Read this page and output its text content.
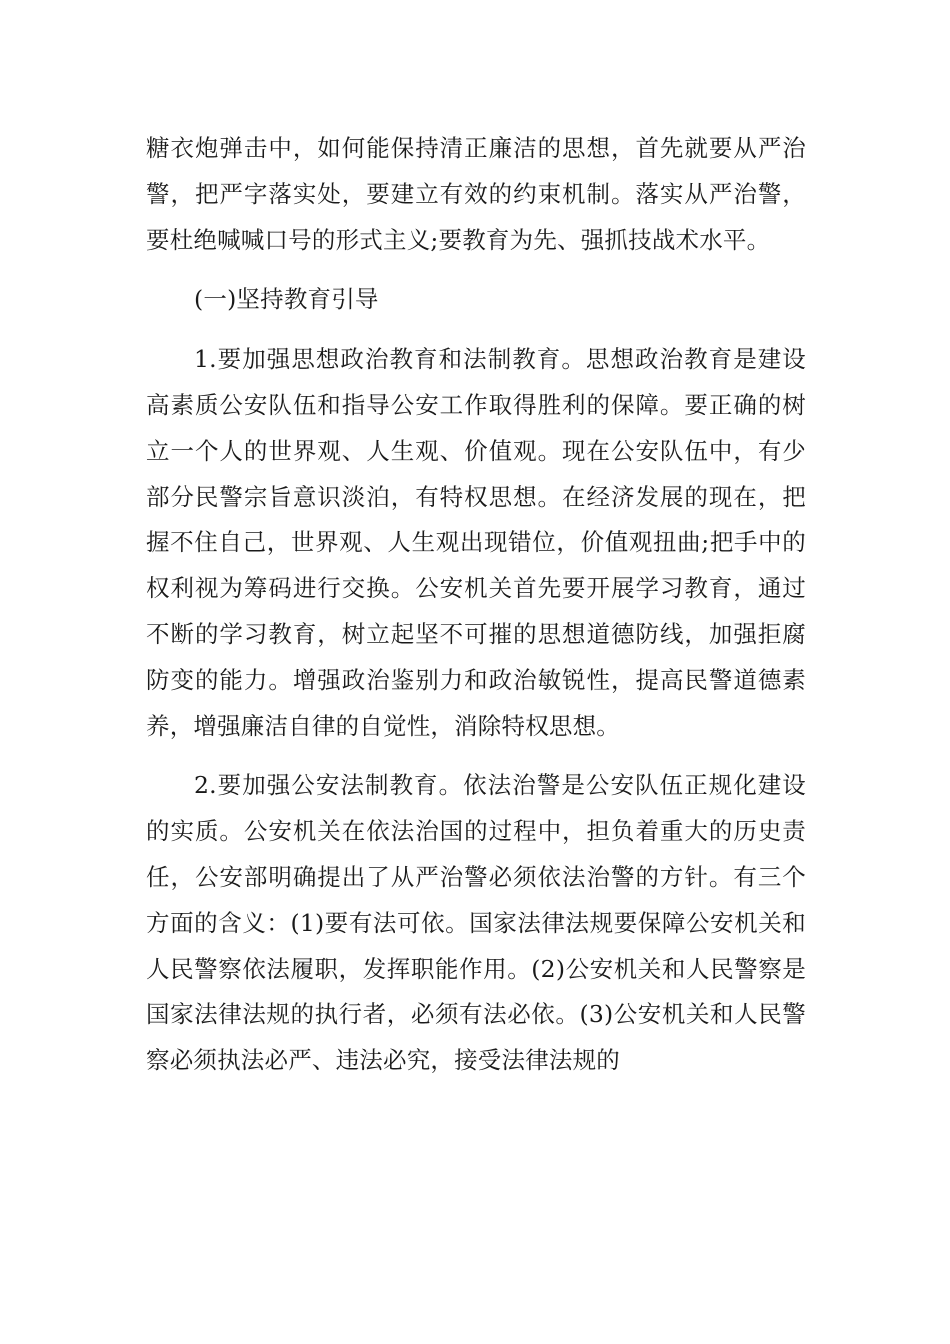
糖衣炮弹击中，如何能保持清正廉洁的思想，首先就要从严治警，把严字落实处，要建立有效的约束机制。落实从严治警，要杜绝喊喊口号的形式主义;要教育为先、强抓技战术水平。

(一)坚持教育引导

1.要加强思想政治教育和法制教育。思想政治教育是建设高素质公安队伍和指导公安工作取得胜利的保障。要正确的树立一个人的世界观、人生观、价值观。现在公安队伍中，有少部分民警宗旨意识淡泊，有特权思想。在经济发展的现在，把握不住自己，世界观、人生观出现错位，价值观扭曲;把手中的权利视为筹码进行交换。公安机关首先要开展学习教育，通过不断的学习教育，树立起坚不可摧的思想道德防线，加强拒腐防变的能力。增强政治鉴别力和政治敏锐性，提高民警道德素养，增强廉洁自律的自觉性，消除特权思想。

2.要加强公安法制教育。依法治警是公安队伍正规化建设的实质。公安机关在依法治国的过程中，担负着重大的历史责任，公安部明确提出了从严治警必须依法治警的方针。有三个方面的含义：(1)要有法可依。国家法律法规要保障公安机关和人民警察依法履职，发挥职能作用。(2)公安机关和人民警察是国家法律法规的执行者，必须有法必依。(3)公安机关和人民警察必须执法必严、违法必究，接受法律法规的
